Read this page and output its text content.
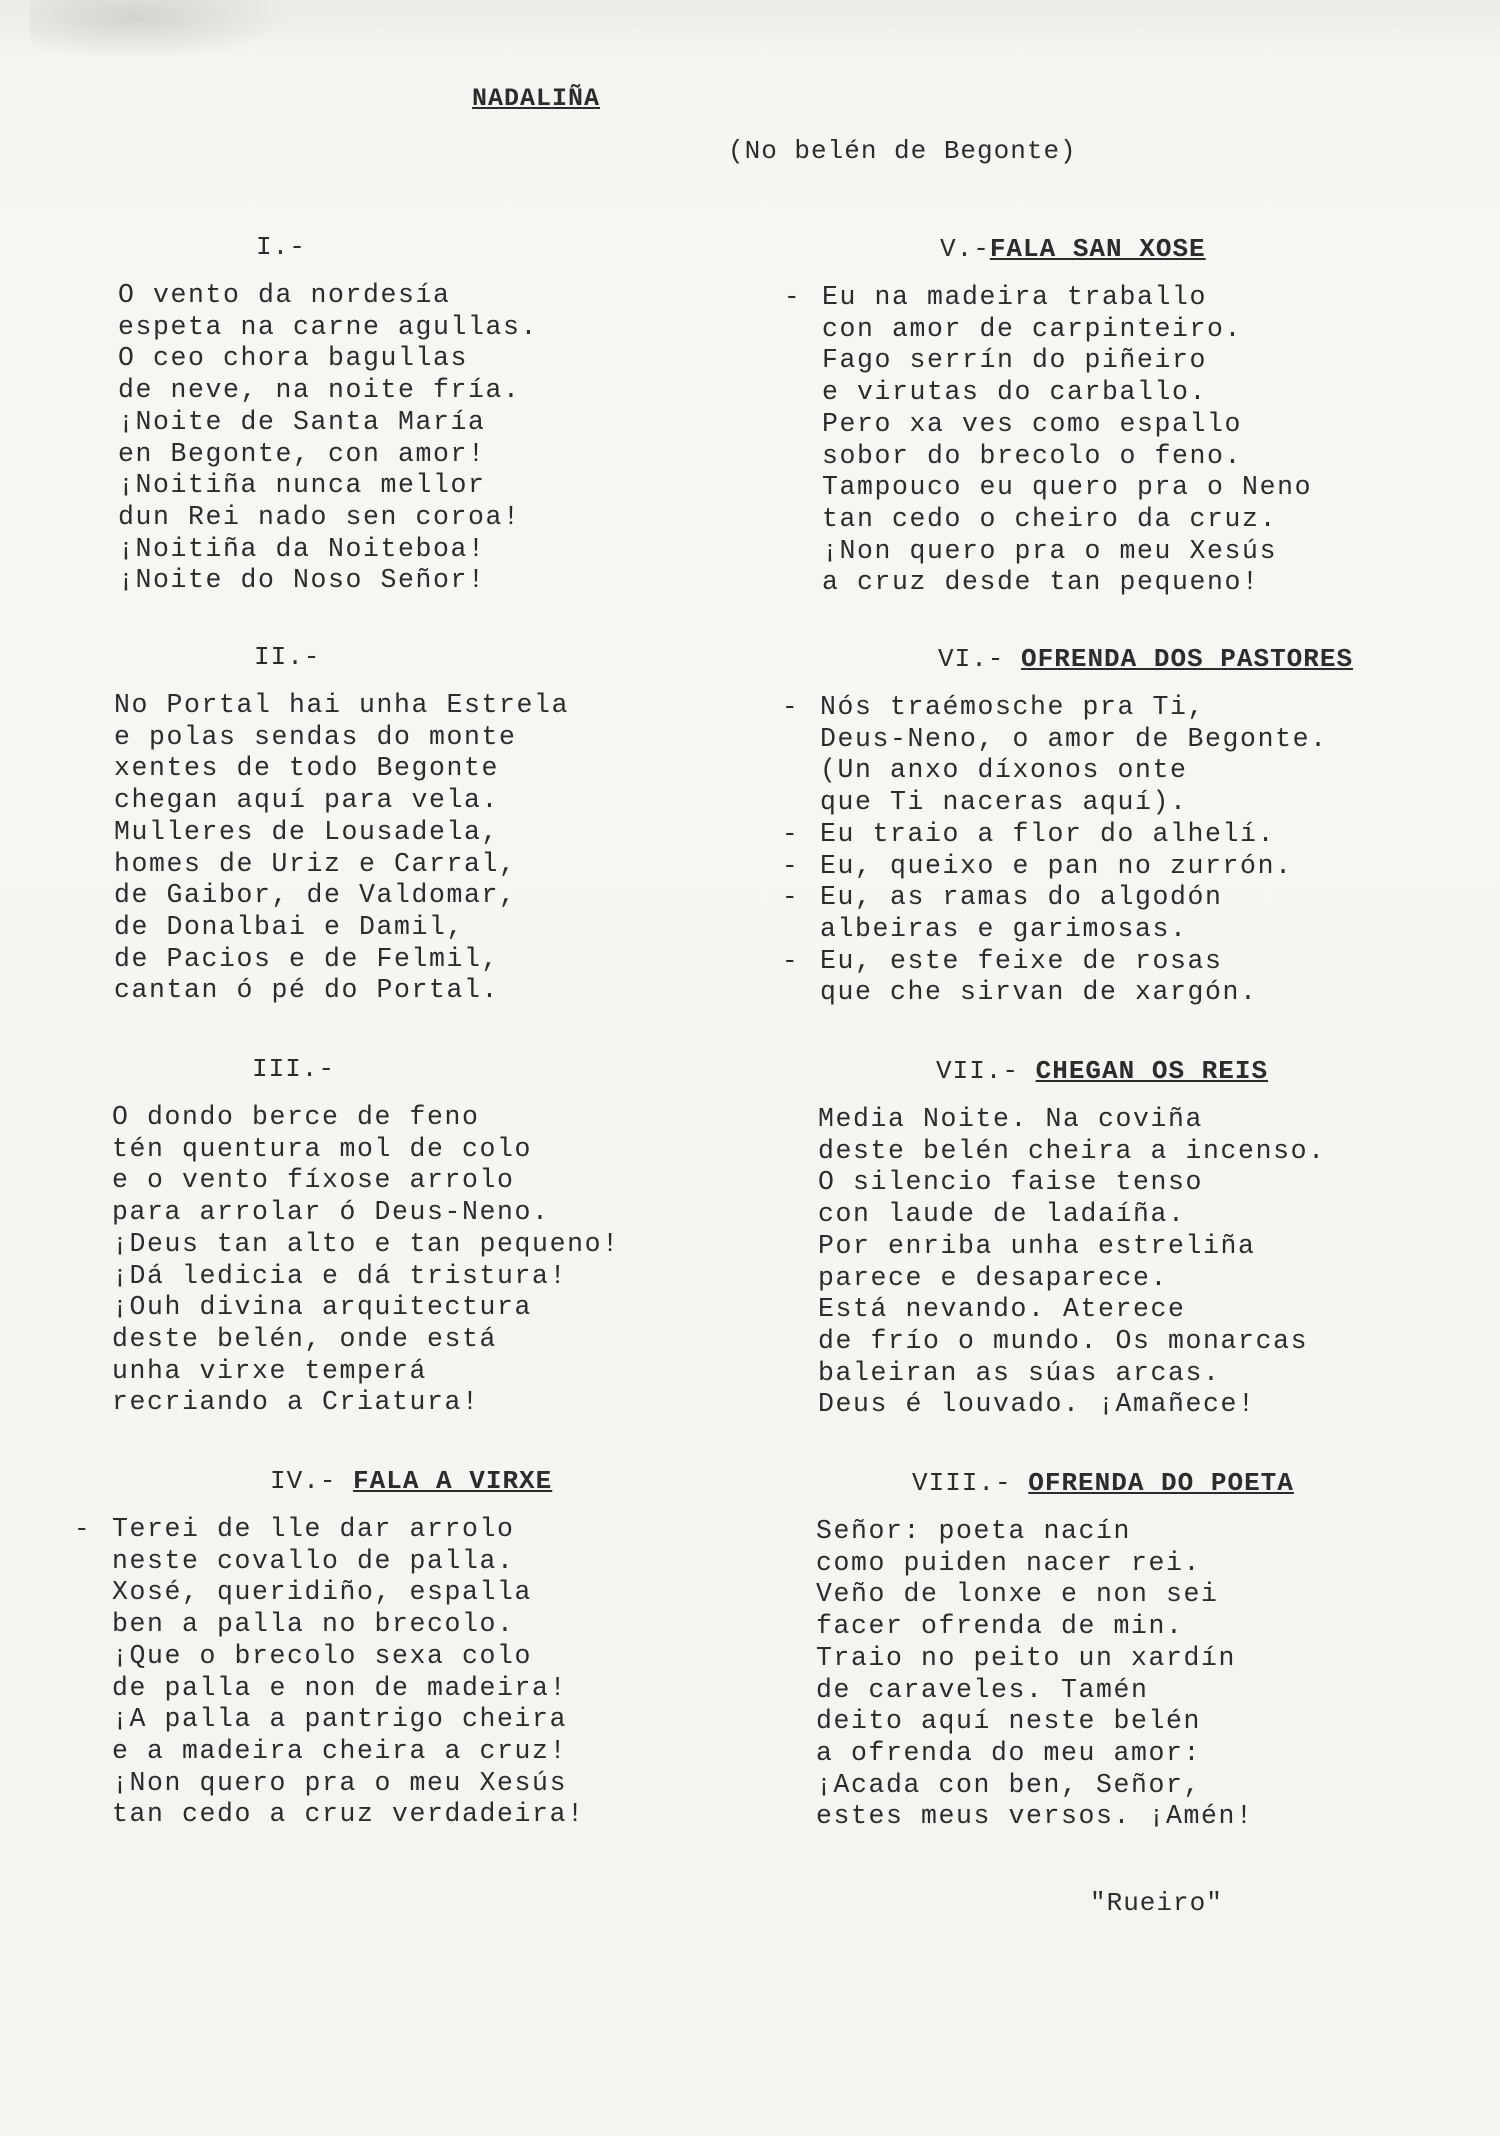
NADALIÑA
(No belén de Begonte)
I.-
O vento da nordesía
espeta na carne agullas.
O ceo chora bagullas
de neve, na noite fría.
¡Noite de Santa María
en Begonte, con amor!
¡Noitiña nunca mellor
dun Rei nado sen coroa!
¡Noitiña da Noiteboa!
¡Noite do Noso Señor!
II.-
No Portal hai unha Estrela
e polas sendas do monte
xentes de todo Begonte
chegan aquí para vela.
Mulleres de Lousadela,
homes de Uriz e Carral,
de Gaibor, de Valdomar,
de Donalbai e Damil,
de Pacios e de Felmil,
cantan ó pé do Portal.
III.-
O dondo berce de feno
tén quentura mol de colo
e o vento fíxose arrolo
para arrolar ó Deus-Neno.
¡Deus tan alto e tan pequeno!
¡Dá ledicia e dá tristura!
¡Ouh divina arquitectura
deste belén, onde está
unha virxe temperá
recriando a Criatura!
IV.- FALA A VIRXE
- Terei de lle dar arrolo
neste covallo de palla.
Xosé, queridiño, espalla
ben a palla no brecolo.
¡Que o brecolo sexa colo
de palla e non de madeira!
¡A palla a pantrigo cheira
e a madeira cheira a cruz!
¡Non quero pra o meu Xesús
tan cedo a cruz verdadeira!
V.-FALA SAN XOSE
- Eu na madeira traballo
con amor de carpinteiro.
Fago serrín do piñeiro
e virutas do carballo.
Pero xa ves como espallo
sobor do brecolo o feno.
Tampouco eu quero pra o Neno
tan cedo o cheiro da cruz.
¡Non quero pra o meu Xesús
a cruz desde tan pequeno!
VI.- OFRENDA DOS PASTORES
- Nós traémosche pra Ti,
Deus-Neno, o amor de Begonte.
(Un anxo díxonos onte
que Ti naceras aquí).
- Eu traio a flor do alhelí.
- Eu, queixo e pan no zurrón.
- Eu, as ramas do algodón
albeiras e garimosas.
- Eu, este feixe de rosas
que che sirvan de xargón.
VII.- CHEGAN OS REIS
Media Noite. Na coviña
deste belén cheira a incenso.
O silencio faise tenso
con laude de ladaíña.
Por enriba unha estreliña
parece e desaparece.
Está nevando. Aterece
de frío o mundo. Os monarcas
baleiran as súas arcas.
Deus é louvado. ¡Amañece!
VIII.- OFRENDA DO POETA
Señor: poeta nacín
como puiden nacer rei.
Veño de lonxe e non sei
facer ofrenda de min.
Traio no peito un xardín
de caraveles. Tamén
deito aquí neste belén
a ofrenda do meu amor:
¡Acada con ben, Señor,
estes meus versos. ¡Amén!
"Rueiro"
